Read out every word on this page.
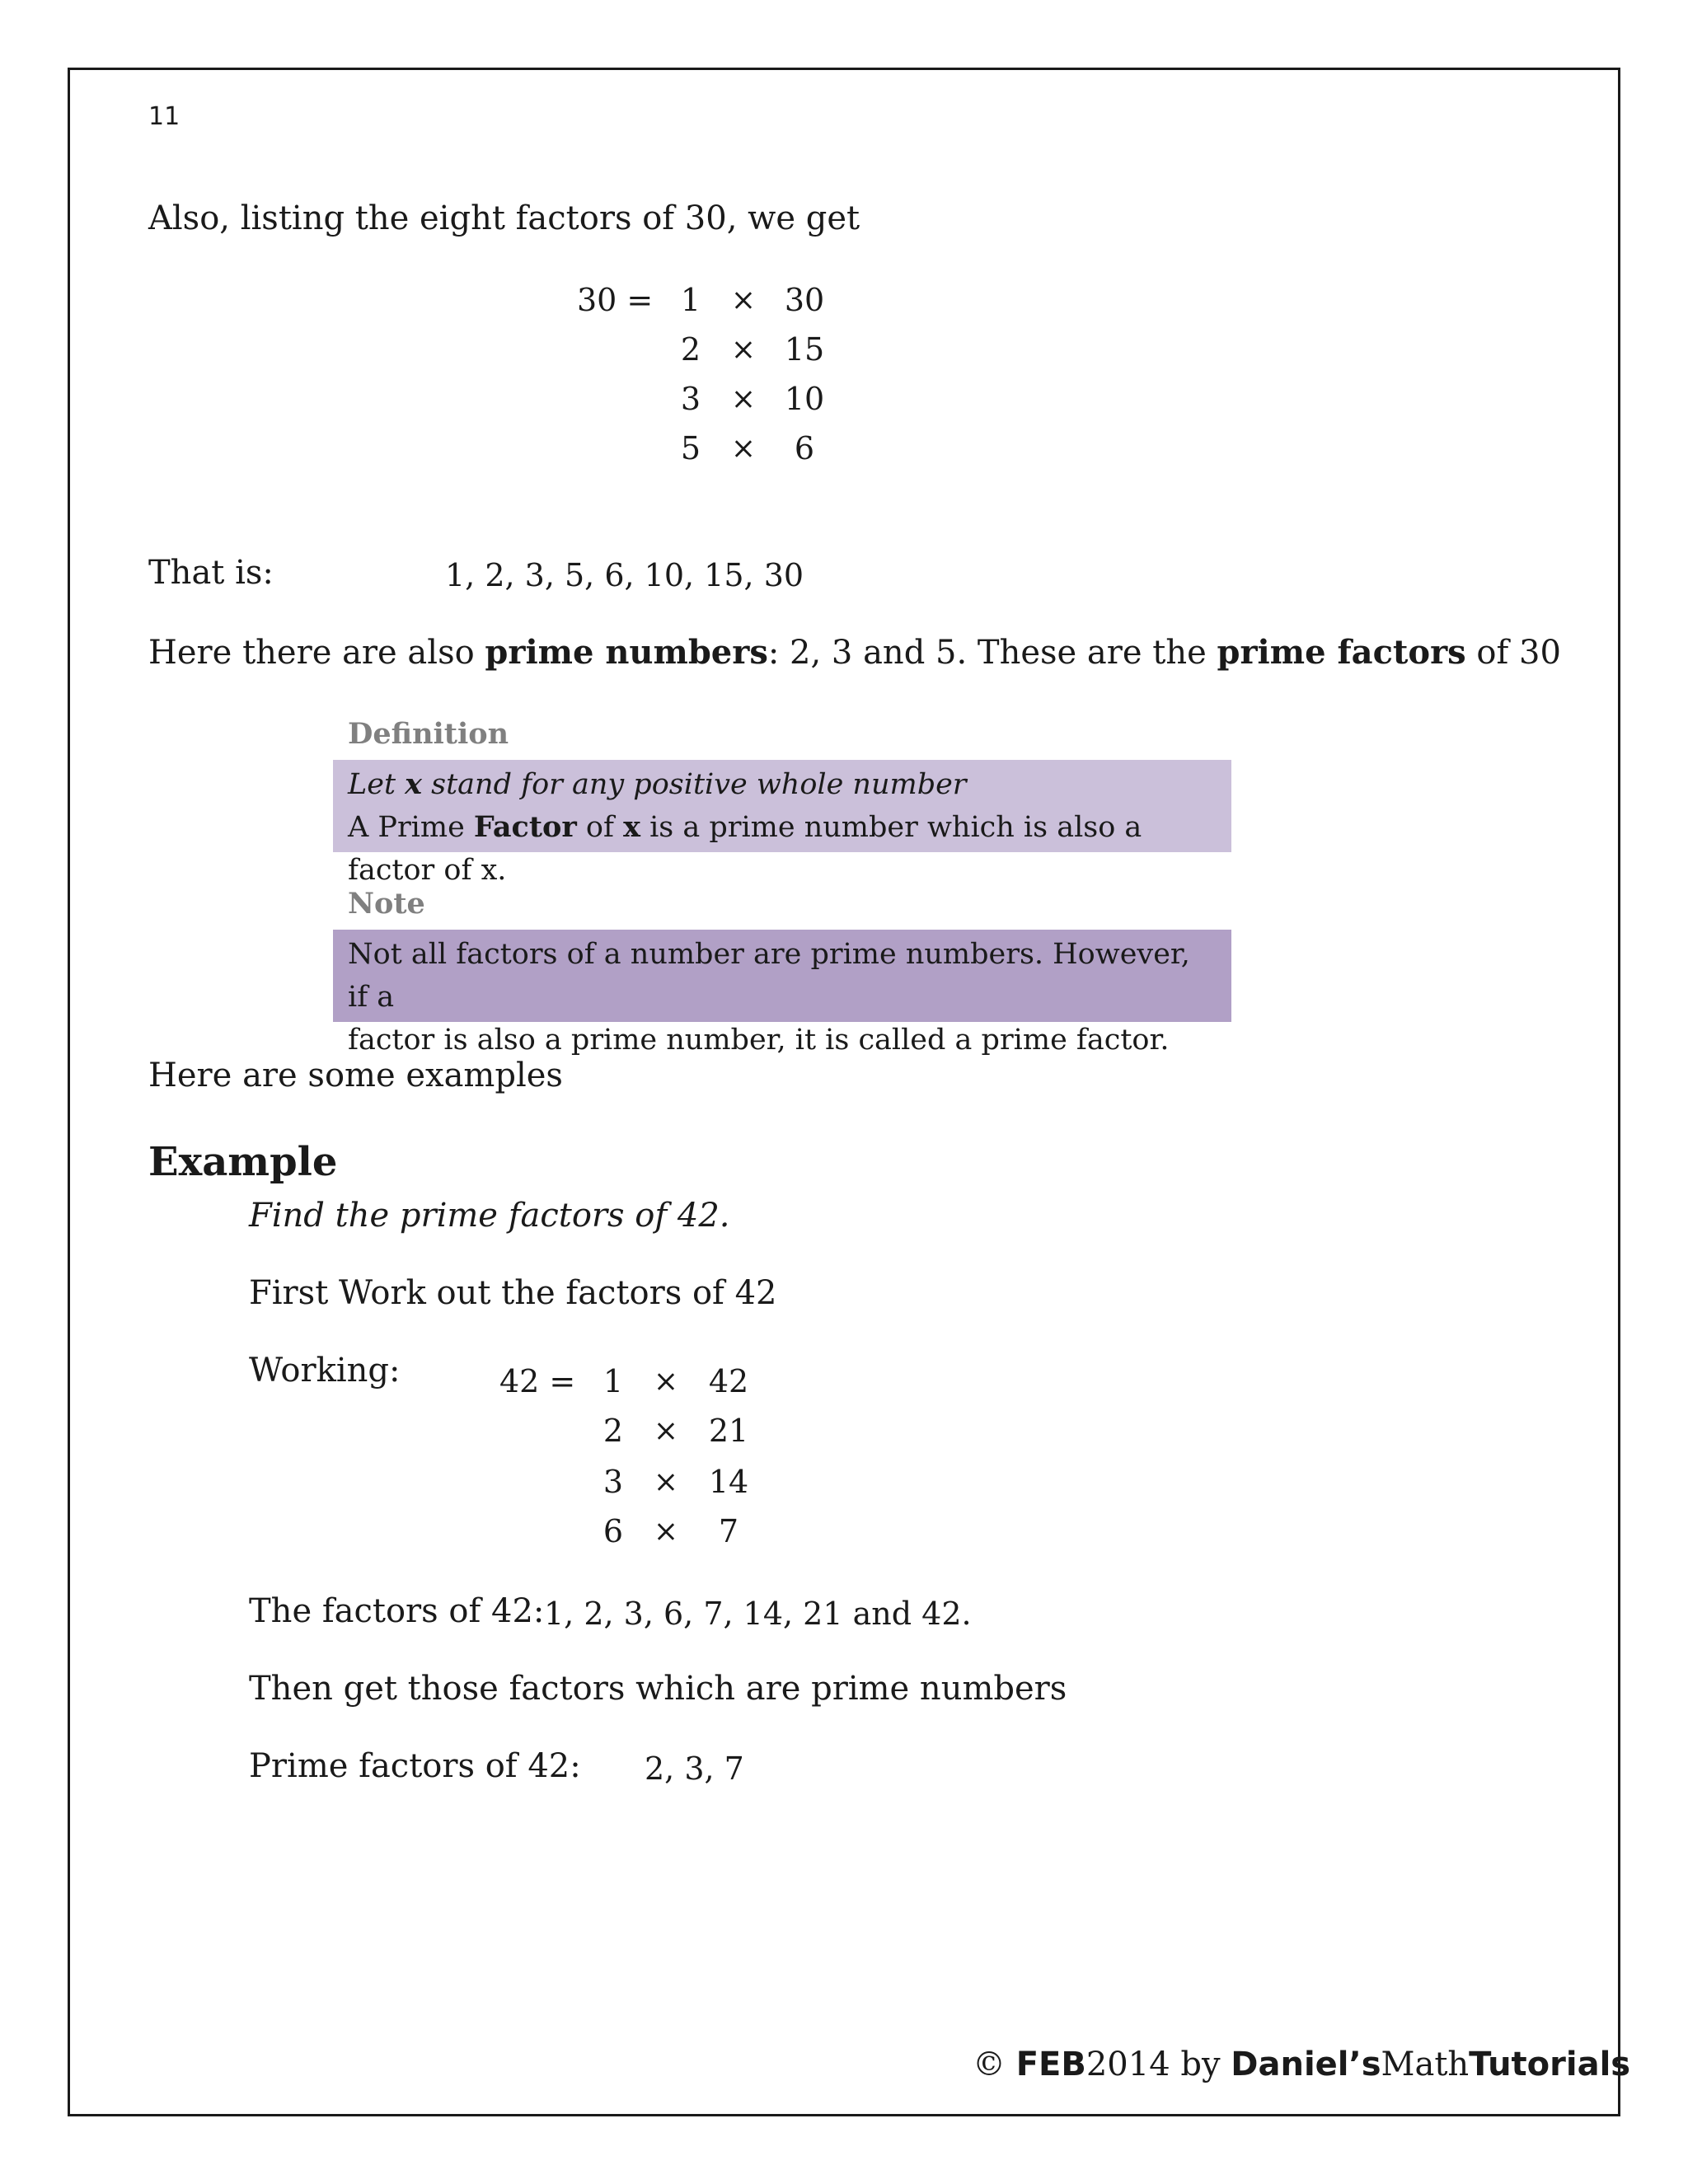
11
Also, listing the eight factors of 30, we get
30 = 1	× 30
2	× 15
3	× 10
5	×	6
That is:	1, 2, 3, 5, 6, 10, 15, 30
Here there are also prime numbers: 2, 3 and 5. These are the prime factors of 30
Definition
Let x stand for any positive whole number
A Prime Factor of x is a prime number which is also a factor of x.
Note
Not all factors of a number are prime numbers. However, if a
factor is also a prime number, it is called a prime factor.
Here are some examples
Example
Find the prime factors of 42.
First Work out the factors of 42
Working:	42 = 1	× 42
2	× 21
3	× 14
6	×	7
The factors of 42: 1, 2, 3, 6, 7, 14, 21 and 42.
Then get those factors which are prime numbers
Prime factors of 42: 2, 3, 7
© FEB2014 by Daniel’sMathTutorials
